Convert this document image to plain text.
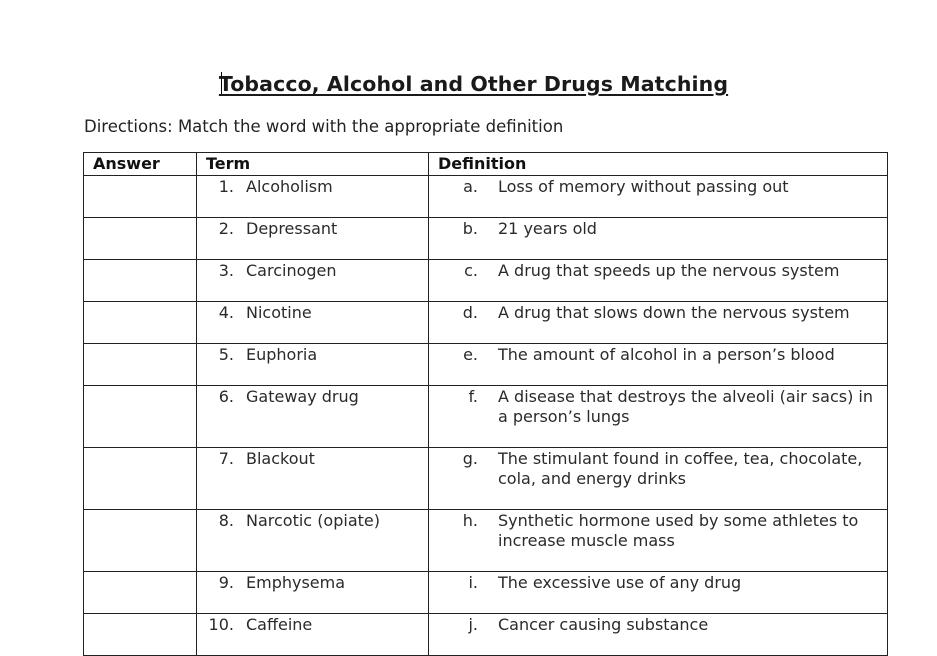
Tobacco, Alcohol and Other Drugs Matching
Directions: Match the word with the appropriate definition
Answer	Term	Definition

	1. Alcoholism	a. Loss of memory without passing out

	2. Depressant	b. 21 years old

	3. Carcinogen	c. A drug that speeds up the nervous system

	4. Nicotine	d. A drug that slows down the nervous system

	5. Euphoria	e. The amount of alcohol in a person’s blood

	6. Gateway drug	f. A disease that destroys the alveoli (air sacs) in a person’s lungs

	7. Blackout	g. The stimulant found in coffee, tea, chocolate, cola, and energy drinks

	8. Narcotic (opiate)	h. Synthetic hormone used by some athletes to increase muscle mass

	9. Emphysema	i. The excessive use of any drug

	10. Caffeine	j. Cancer causing substance
